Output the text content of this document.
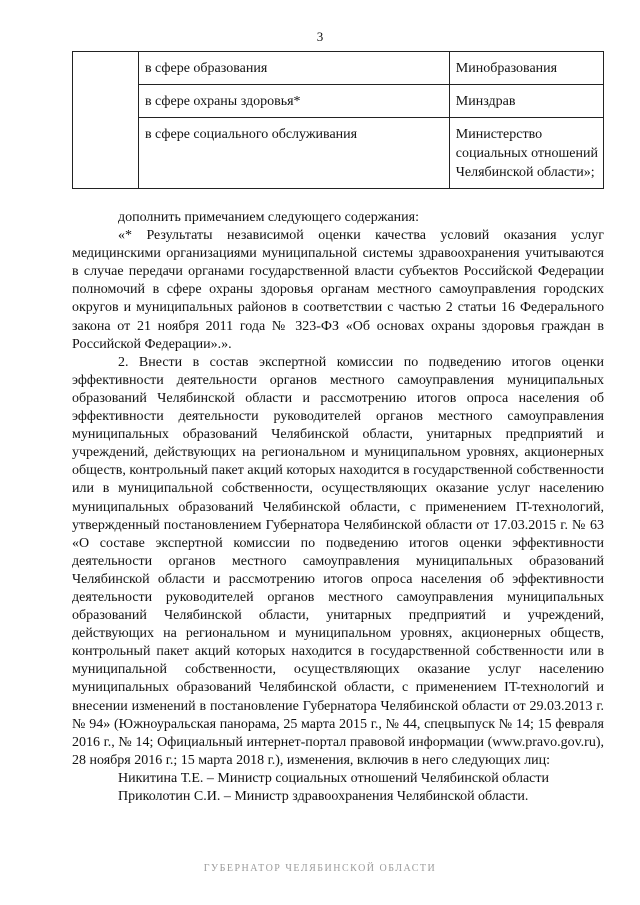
3
	в сфере образования	Минобразования
	в сфере охраны здоровья*	Минздрав
	в сфере социального обслуживания	Министерство социальных отношений Челябинской области»;

дополнить примечанием следующего содержания:

«* Результаты независимой оценки качества условий оказания услуг медицинскими организациями муниципальной системы здравоохранения учитываются в случае передачи органами государственной власти субъектов Российской Федерации полномочий в сфере охраны здоровья органам местного самоуправления городских округов и муниципальных районов в соответствии с частью 2 статьи 16 Федерального закона от 21 ноября 2011 года № 323-ФЗ «Об основах охраны здоровья граждан в Российской Федерации».».

2. Внести в состав экспертной комиссии по подведению итогов оценки эффективности деятельности органов местного самоуправления муниципальных образований Челябинской области и рассмотрению итогов опроса населения об эффективности деятельности руководителей органов местного самоуправления муниципальных образований Челябинской области, унитарных предприятий и учреждений, действующих на региональном и муниципальном уровнях, акционерных обществ, контрольный пакет акций которых находится в государственной собственности или в муниципальной собственности, осуществляющих оказание услуг населению муниципальных образований Челябинской области, с применением IT-технологий, утвержденный постановлением Губернатора Челябинской области от 17.03.2015 г. № 63 «О составе экспертной комиссии по подведению итогов оценки эффективности деятельности органов местного самоуправления муниципальных образований Челябинской области и рассмотрению итогов опроса населения об эффективности деятельности руководителей органов местного самоуправления муниципальных образований Челябинской области, унитарных предприятий и учреждений, действующих на региональном и муниципальном уровнях, акционерных обществ, контрольный пакет акций которых находится в государственной собственности или в муниципальной собственности, осуществляющих оказание услуг населению муниципальных образований Челябинской области, с применением IT-технологий и внесении изменений в постановление Губернатора Челябинской области от 29.03.2013 г. № 94» (Южноуральская панорама, 25 марта 2015 г., № 44, спецвыпуск № 14; 15 февраля 2016 г., № 14; Официальный интернет-портал правовой информации (www.pravo.gov.ru), 28 ноября 2016 г.; 15 марта 2018 г.), изменения, включив в него следующих лиц:

Никитина Т.Е. – Министр социальных отношений Челябинской области

Приколотин С.И. – Министр здравоохранения Челябинской области.

ГУБЕРНАТОР ЧЕЛЯБИНСКОЙ ОБЛАСТИ
